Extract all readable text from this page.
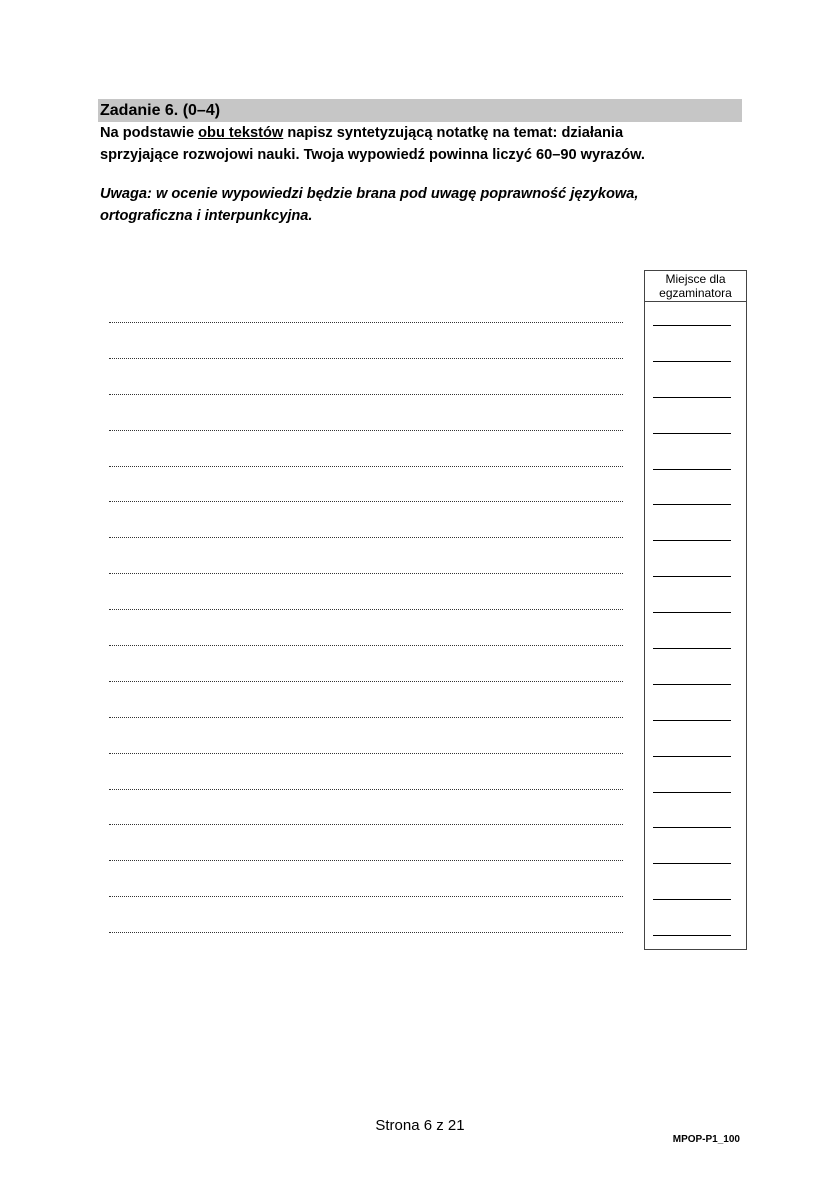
Zadanie 6. (0–4)
Na podstawie obu tekstów napisz syntetyzującą notatkę na temat: działania
sprzyjające rozwojowi nauki. Twoja wypowiedź powinna liczyć 60–90 wyrazów.
Uwaga: w ocenie wypowiedzi będzie brana pod uwagę poprawność językowa,
ortograficzna i interpunkcyjna.
Miejsce dla
egzaminatora
Strona 6 z 21
MPOP-P1_100
